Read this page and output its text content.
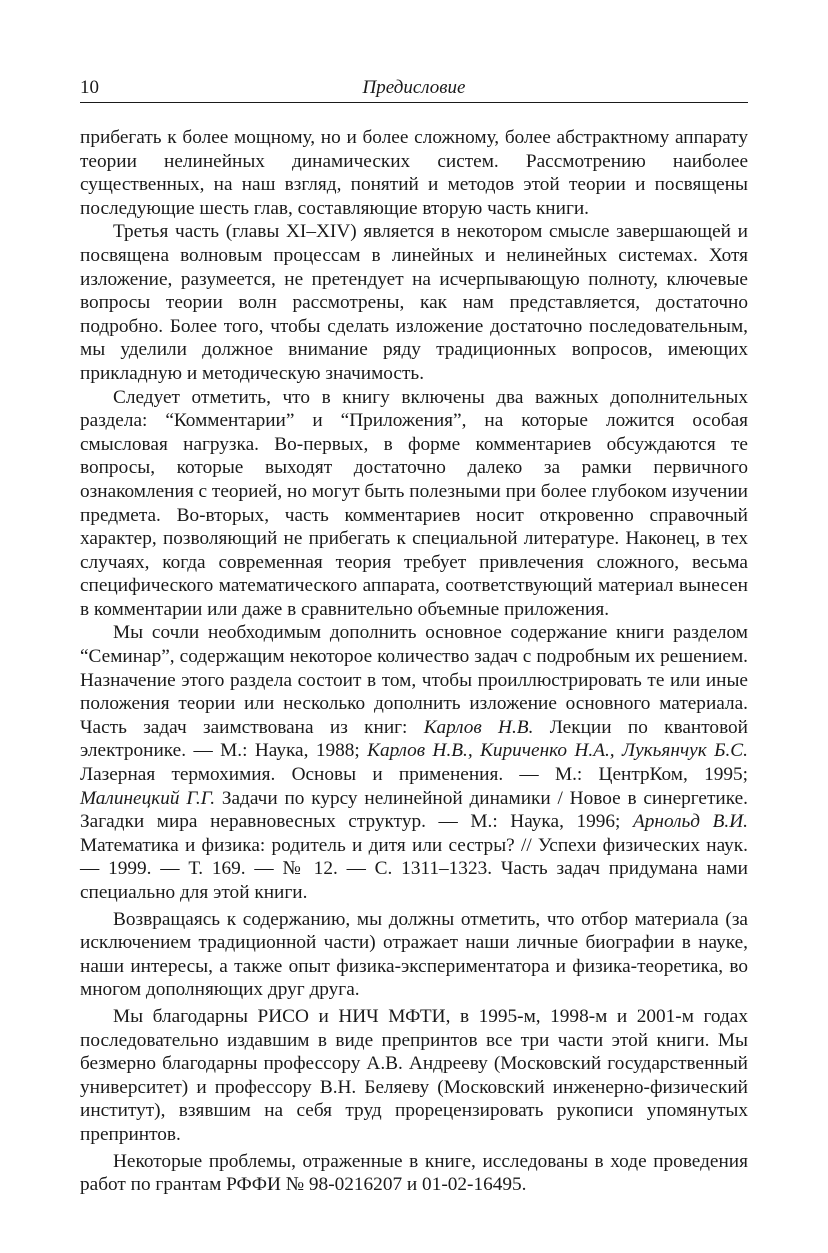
10	Предисловие

прибегать к более мощному, но и более сложному, более абстрактному аппарату теории нелинейных динамических систем. Рассмотрению наиболее существенных, на наш взгляд, понятий и методов этой теории и посвящены последующие шесть глав, составляющие вторую часть книги.

Третья часть (главы XI–XIV) является в некотором смысле завершающей и посвящена волновым процессам в линейных и нелинейных системах. Хотя изложение, разумеется, не претендует на исчерпывающую полноту, ключевые вопросы теории волн рассмотрены, как нам представляется, достаточно подробно. Более того, чтобы сделать изложение достаточно последовательным, мы уделили должное внимание ряду традиционных вопросов, имеющих прикладную и методическую значимость.

Следует отметить, что в книгу включены два важных дополнительных раздела: “Комментарии” и “Приложения”, на которые ложится особая смысловая нагрузка. Во-первых, в форме комментариев обсуждаются те вопросы, которые выходят достаточно далеко за рамки первичного ознакомления с теорией, но могут быть полезными при более глубоком изучении предмета. Во-вторых, часть комментариев носит откровенно справочный характер, позволяющий не прибегать к специальной литературе. Наконец, в тех случаях, когда современная теория требует привлечения сложного, весьма специфического математического аппарата, соответствующий материал вынесен в комментарии или даже в сравнительно объемные приложения.

Мы сочли необходимым дополнить основное содержание книги разделом “Семинар”, содержащим некоторое количество задач с подробным их решением. Назначение этого раздела состоит в том, чтобы проиллюстрировать те или иные положения теории или несколько дополнить изложение основного материала. Часть задач заимствована из книг: Карлов Н.В. Лекции по квантовой электронике. — М.: Наука, 1988; Карлов Н.В., Кириченко Н.А., Лукьянчук Б.С. Лазерная термохимия. Основы и применения. — М.: ЦентрКом, 1995; Малинецкий Г.Г. Задачи по курсу нелинейной динамики / Новое в синергетике. Загадки мира неравновесных структур. — М.: Наука, 1996; Арнольд В.И. Математика и физика: родитель и дитя или сестры? // Успехи физических наук. — 1999. — Т. 169. — № 12. — С. 1311–1323. Часть задач придумана нами специально для этой книги.

Возвращаясь к содержанию, мы должны отметить, что отбор материала (за исключением традиционной части) отражает наши личные биографии в науке, наши интересы, а также опыт физика-экспериментатора и физика-теоретика, во многом дополняющих друг друга.

Мы благодарны РИСО и НИЧ МФТИ, в 1995-м, 1998-м и 2001-м годах последовательно издавшим в виде препринтов все три части этой книги. Мы безмерно благодарны профессору А.В. Андрееву (Московский государственный университет) и профессору В.Н. Беляеву (Московский инженерно-физический институт), взявшим на себя труд прорецензировать рукописи упомянутых препринтов.

Некоторые проблемы, отраженные в книге, исследованы в ходе проведения работ по грантам РФФИ № 98-0216207 и 01-02-16495.
